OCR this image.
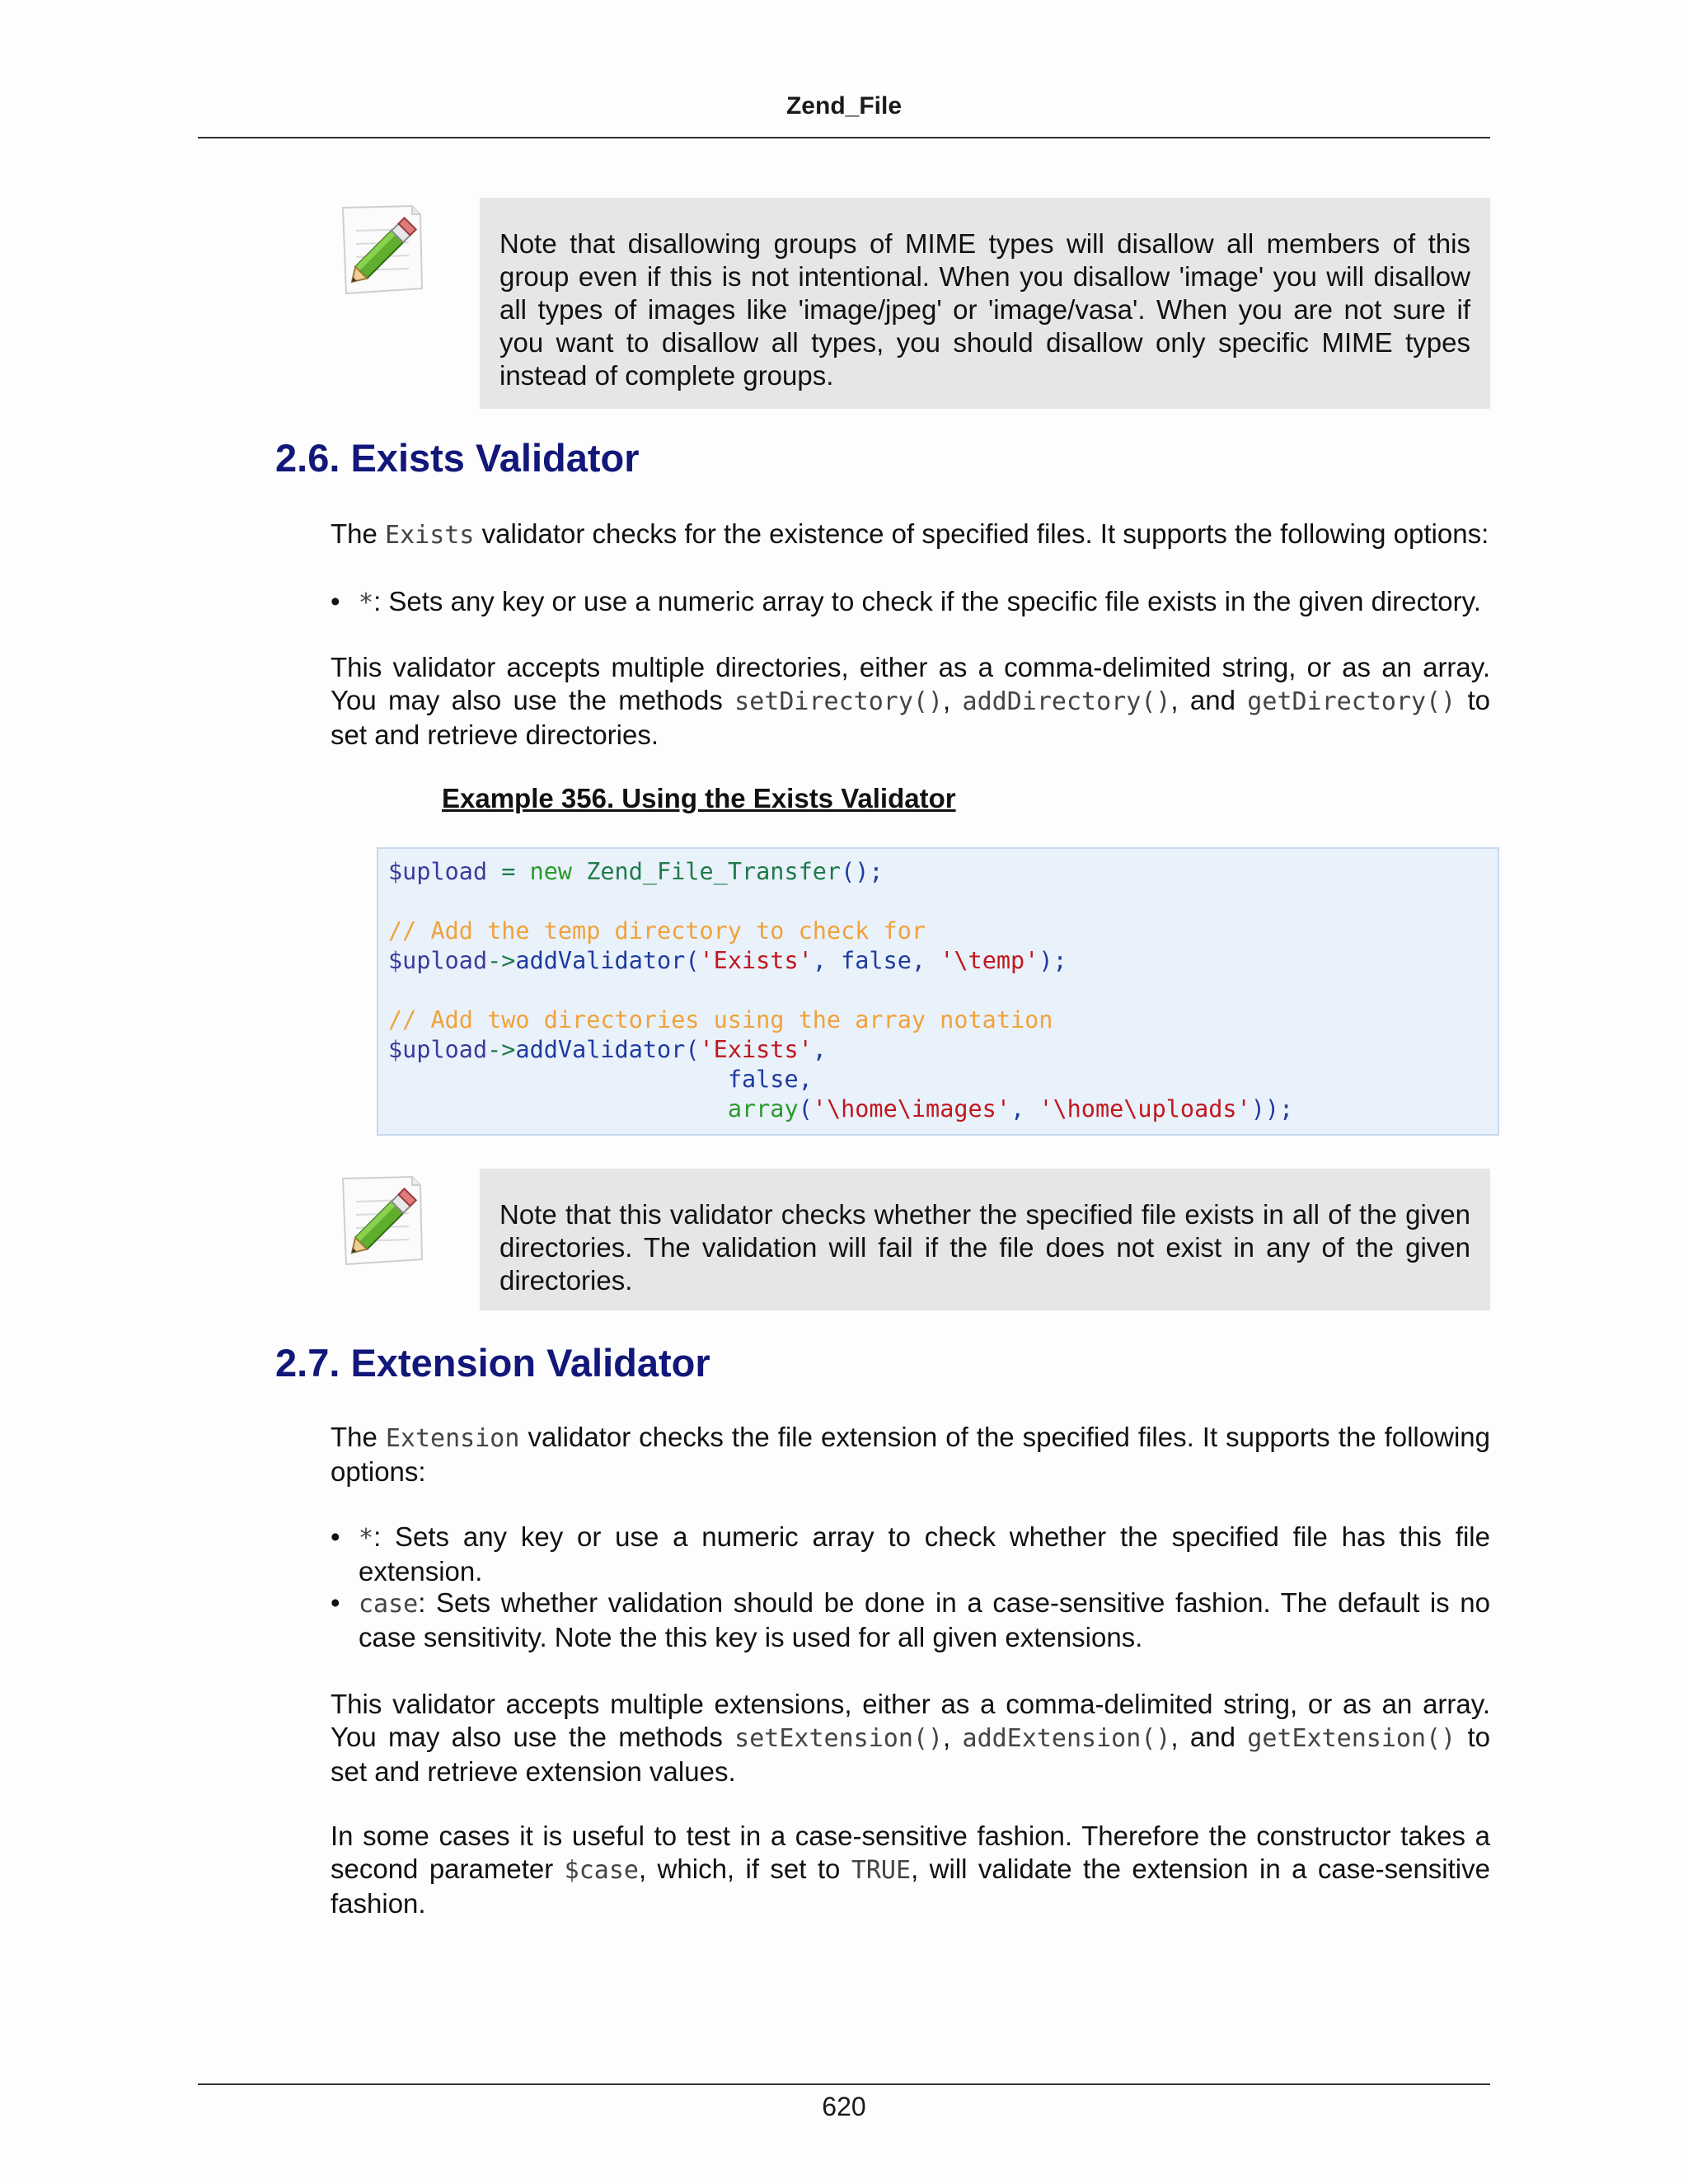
Zend_File
Note that disallowing groups of MIME types will disallow all members of this group even if this is not intentional. When you disallow 'image' you will disallow all types of images like 'image/jpeg' or 'image/vasa'. When you are not sure if you want to disallow all types, you should disallow only specific MIME types instead of complete groups.
2.6. Exists Validator

The Exists validator checks for the existence of specified files. It supports the following options:

• *: Sets any key or use a numeric array to check if the specific file exists in the given directory.

This validator accepts multiple directories, either as a comma-delimited string, or as an array. You may also use the methods setDirectory(), addDirectory(), and getDirectory() to set and retrieve directories.

Example 356. Using the Exists Validator
$upload = new Zend_File_Transfer();
// Add the temp directory to check for
$upload->addValidator('Exists', false, '\temp');
// Add two directories using the array notation
$upload->addValidator('Exists',
false,
array('\home\images', '\home\uploads'));
Note that this validator checks whether the specified file exists in all of the given directories. The validation will fail if the file does not exist in any of the given directories.
2.7. Extension Validator

The Extension validator checks the file extension of the specified files. It supports the following options:

• *: Sets any key or use a numeric array to check whether the specified file has this file extension.
• case: Sets whether validation should be done in a case-sensitive fashion. The default is no case sensitivity. Note the this key is used for all given extensions.

This validator accepts multiple extensions, either as a comma-delimited string, or as an array. You may also use the methods setExtension(), addExtension(), and getExtension() to set and retrieve extension values.

In some cases it is useful to test in a case-sensitive fashion. Therefore the constructor takes a second parameter $case, which, if set to TRUE, will validate the extension in a case-sensitive fashion.

620
